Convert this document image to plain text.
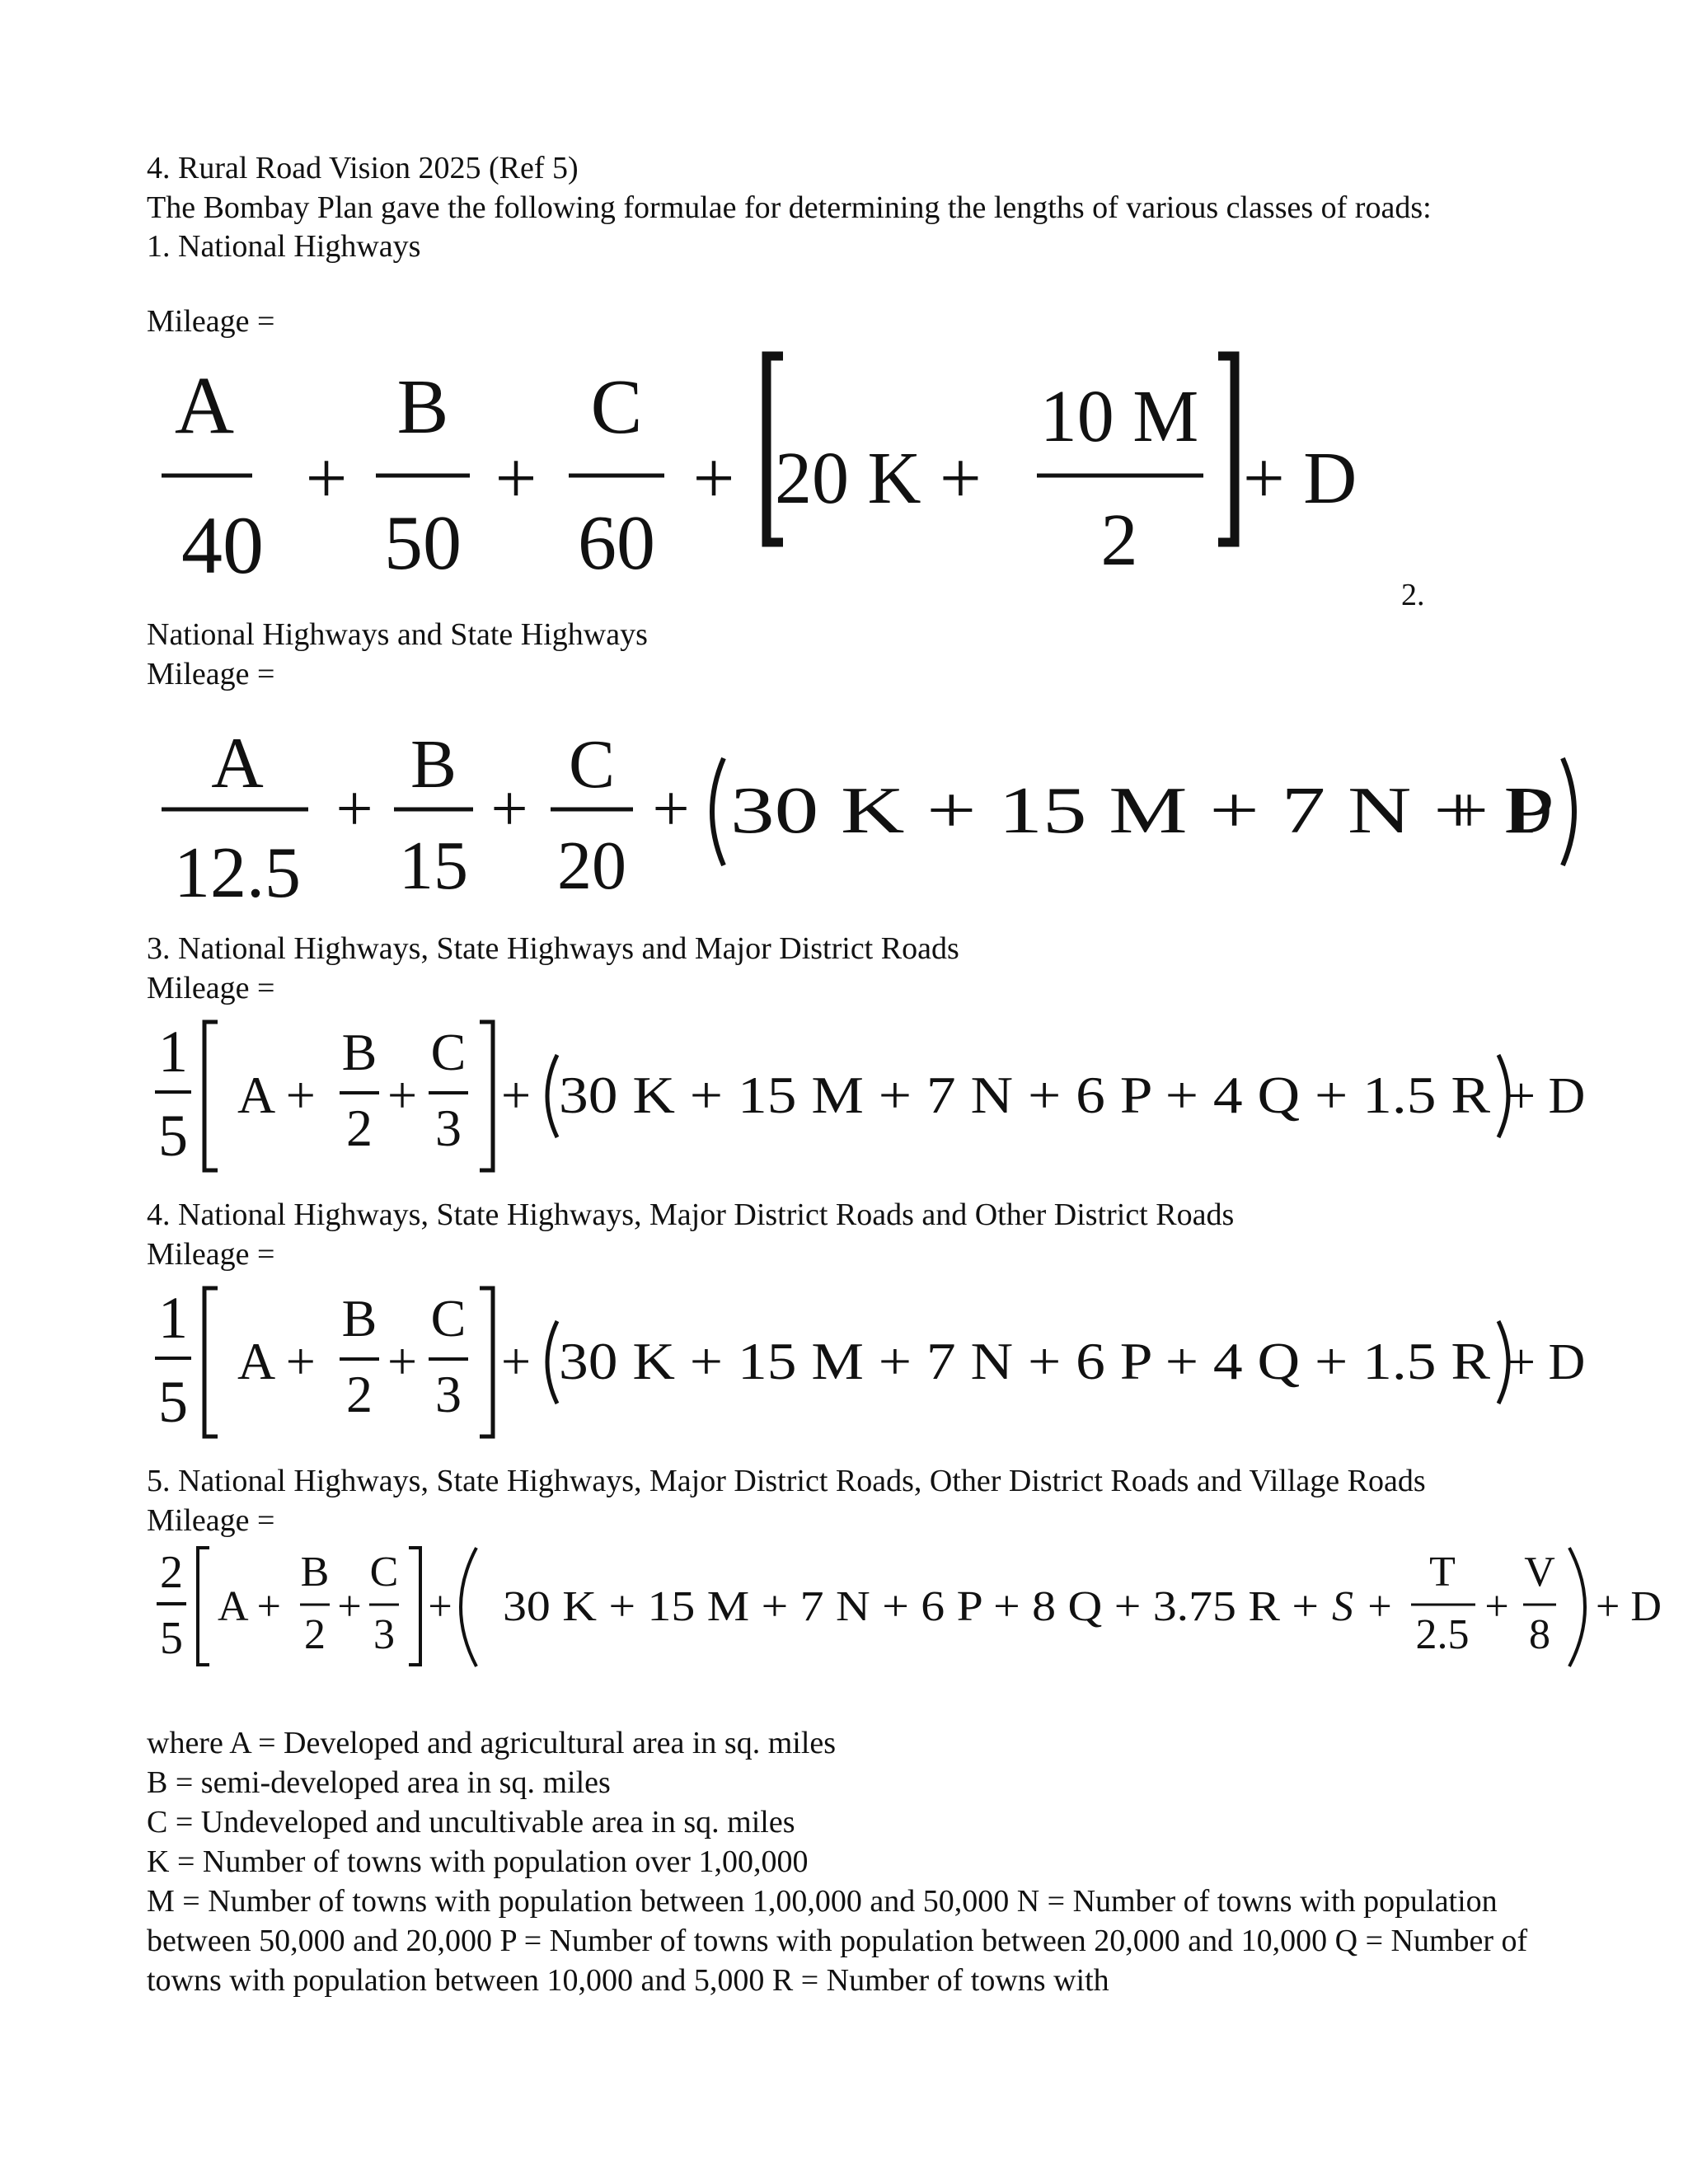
4. Rural Road Vision 2025 (Ref 5)
The Bombay Plan gave the following formulae for determining the lengths of various classes of roads:
1. National Highways
Mileage =
A
40
+
B
50
+
C
60
+ 20 K +
10 M
2
+ D
2.
National Highways and State Highways
Mileage =
A
12.5
+
B
15
+
C
20
+ 30 K + 15 M + 7 N + P
+ D
3. National Highways, State Highways and Major District Roads
Mileage =
1
5
A +
B
2
+
C
3
+ 30 K + 15 M + 7 N + 6 P + 4 Q + 1.5 R + D
4. National Highways, State Highways, Major District Roads and Other District Roads
Mileage =
1
5
A +
B
2
+
C
3
+ 30 K + 15 M + 7 N + 6 P + 4 Q + 1.5 R + D
5. National Highways, State Highways, Major District Roads, Other District Roads and Village Roads
Mileage =
2
5
A +
B
2
+
C
3
+ 30 K + 15 M + 7 N + 6 P + 8 Q + 3.75 R + S +
T
2.5
+
V
8
+ D
where A = Developed and agricultural area in sq. miles
B = semi-developed area in sq. miles
C = Undeveloped and uncultivable area in sq. miles
K = Number of towns with population over 1,00,000
M = Number of towns with population between 1,00,000 and 50,000 N = Number of towns with population between 50,000 and 20,000 P = Number of towns with population between 20,000 and 10,000 Q = Number of towns with population between 10,000 and 5,000 R = Number of towns with
